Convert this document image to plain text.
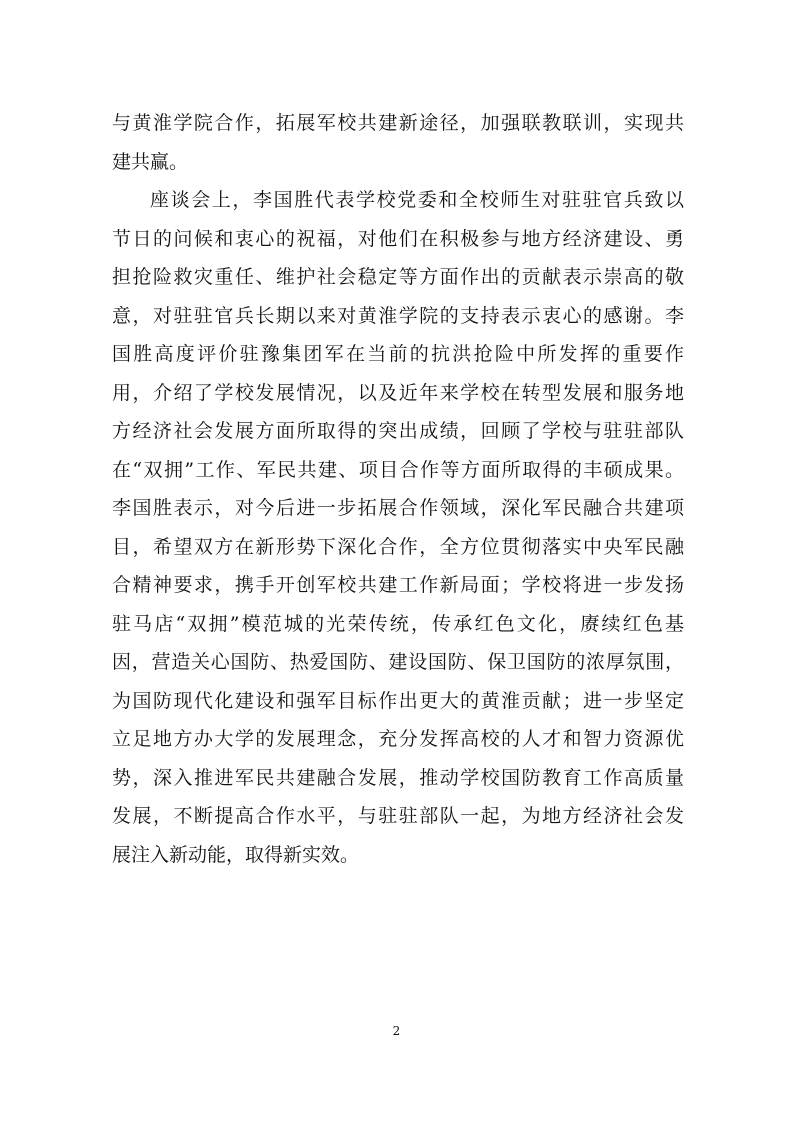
与黄淮学院合作，拓展军校共建新途径，加强联教联训，实现共
建共赢。
座谈会上，李国胜代表学校党委和全校师生对驻驻官兵致以
节日的问候和衷心的祝福，对他们在积极参与地方经济建设、勇
担抢险救灾重任、维护社会稳定等方面作出的贡献表示崇高的敬
意，对驻驻官兵长期以来对黄淮学院的支持表示衷心的感谢。李
国胜高度评价驻豫集团军在当前的抗洪抢险中所发挥的重要作
用，介绍了学校发展情况，以及近年来学校在转型发展和服务地
方经济社会发展方面所取得的突出成绩，回顾了学校与驻驻部队
在“双拥”工作、军民共建、项目合作等方面所取得的丰硕成果。
李国胜表示，对今后进一步拓展合作领域，深化军民融合共建项
目，希望双方在新形势下深化合作，全方位贯彻落实中央军民融
合精神要求，携手开创军校共建工作新局面；学校将进一步发扬
驻马店“双拥”模范城的光荣传统，传承红色文化，赓续红色基
因，营造关心国防、热爱国防、建设国防、保卫国防的浓厚氛围，
为国防现代化建设和强军目标作出更大的黄淮贡献；进一步坚定
立足地方办大学的发展理念，充分发挥高校的人才和智力资源优
势，深入推进军民共建融合发展，推动学校国防教育工作高质量
发展，不断提高合作水平，与驻驻部队一起，为地方经济社会发
展注入新动能，取得新实效。
2
